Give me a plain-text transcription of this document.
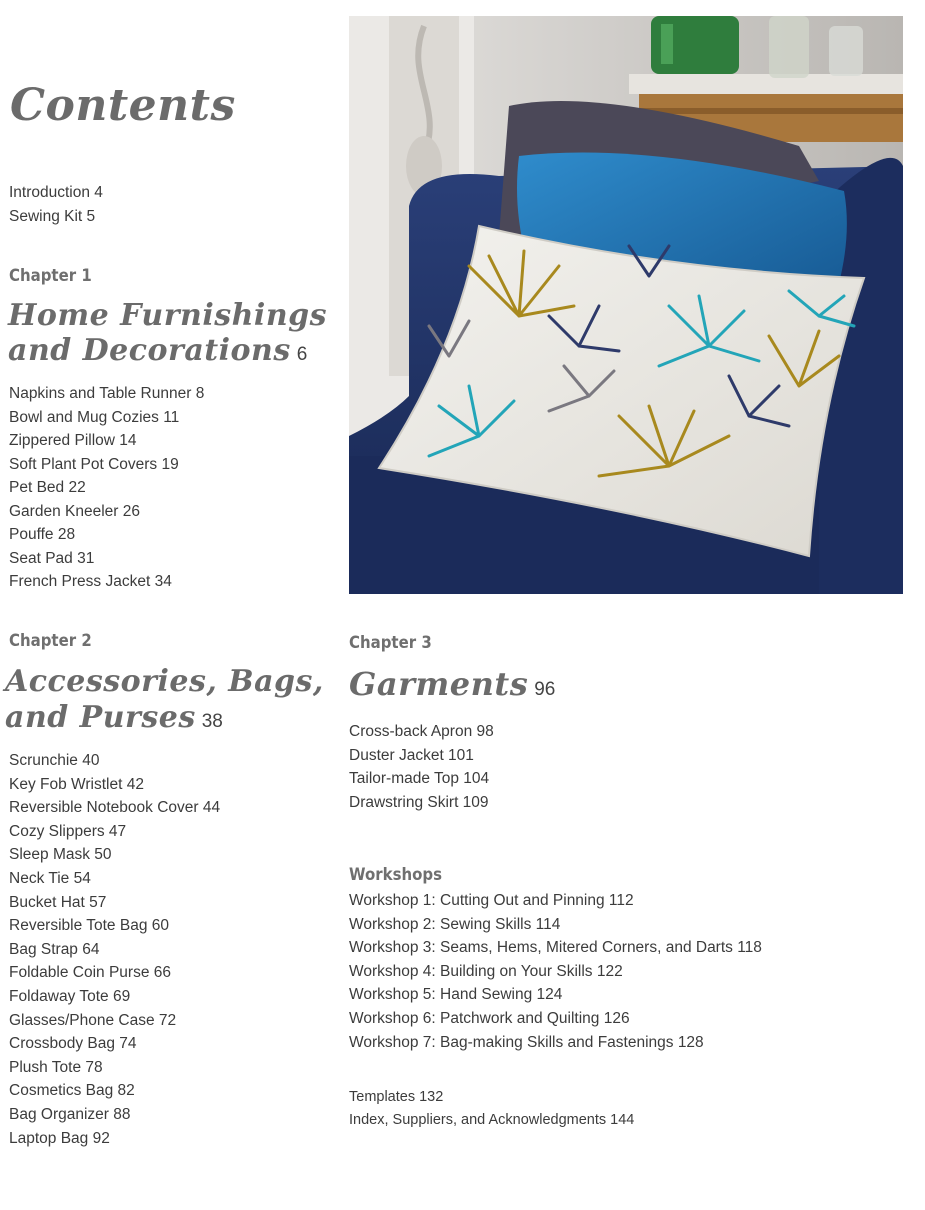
Contents
Introduction 4
Sewing Kit 5
Chapter 1
Home Furnishings
and Decorations 6
Napkins and Table Runner 8
Bowl and Mug Cozies 11
Zippered Pillow 14
Soft Plant Pot Covers 19
Pet Bed 22
Garden Kneeler 26
Pouffe 28
Seat Pad 31
French Press Jacket 34
Chapter 2
Accessories, Bags,
and Purses 38
Scrunchie 40
Key Fob Wristlet 42
Reversible Notebook Cover 44
Cozy Slippers 47
Sleep Mask 50
Neck Tie 54
Bucket Hat 57
Reversible Tote Bag 60
Bag Strap 64
Foldable Coin Purse 66
Foldaway Tote 69
Glasses/Phone Case 72
Crossbody Bag 74
Plush Tote 78
Cosmetics Bag 82
Bag Organizer 88
Laptop Bag 92
Chapter 3
Garments 96
Cross-back Apron 98
Duster Jacket 101
Tailor-made Top 104
Drawstring Skirt 109
Workshops
Workshop 1: Cutting Out and Pinning 112
Workshop 2: Sewing Skills 114
Workshop 3: Seams, Hems, Mitered Corners, and Darts 118
Workshop 4: Building on Your Skills 122
Workshop 5: Hand Sewing 124
Workshop 6: Patchwork and Quilting 126
Workshop 7: Bag-making Skills and Fastenings 128
Templates 132
Index, Suppliers, and Acknowledgments 144
